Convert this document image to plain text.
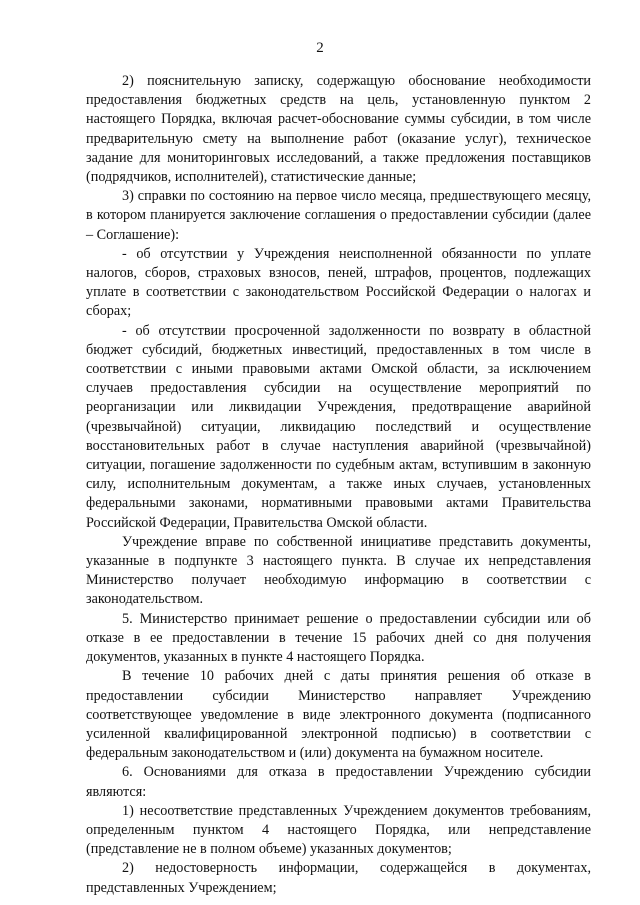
2

2) пояснительную записку, содержащую обоснование необходимости предоставления бюджетных средств на цель, установленную пунктом 2 настоящего Порядка, включая расчет-обоснование суммы субсидии, в том числе предварительную смету на выполнение работ (оказание услуг), техническое задание для мониторинговых исследований, а также предложения поставщиков (подрядчиков, исполнителей), статистические данные;

3) справки по состоянию на первое число месяца, предшествующего месяцу, в котором планируется заключение соглашения о предоставлении субсидии (далее – Соглашение):

- об отсутствии у Учреждения неисполненной обязанности по уплате налогов, сборов, страховых взносов, пеней, штрафов, процентов, подлежащих уплате в соответствии с законодательством Российской Федерации о налогах и сборах;

- об отсутствии просроченной задолженности по возврату в областной бюджет субсидий, бюджетных инвестиций, предоставленных в том числе в соответствии с иными правовыми актами Омской области, за исключением случаев предоставления субсидии на осуществление мероприятий по реорганизации или ликвидации Учреждения, предотвращение аварийной (чрезвычайной) ситуации, ликвидацию последствий и осуществление восстановительных работ в случае наступления аварийной (чрезвычайной) ситуации, погашение задолженности по судебным актам, вступившим в законную силу, исполнительным документам, а также иных случаев, установленных федеральными законами, нормативными правовыми актами Правительства Российской Федерации, Правительства Омской области.

Учреждение вправе по собственной инициативе представить документы, указанные в подпункте 3 настоящего пункта. В случае их непредставления Министерство получает необходимую информацию в соответствии с законодательством.

5. Министерство принимает решение о предоставлении субсидии или об отказе в ее предоставлении в течение 15 рабочих дней со дня получения документов, указанных в пункте 4 настоящего Порядка.

В течение 10 рабочих дней с даты принятия решения об отказе в предоставлении субсидии Министерство направляет Учреждению соответствующее уведомление в виде электронного документа (подписанного усиленной квалифицированной электронной подписью) в соответствии с федеральным законодательством и (или) документа на бумажном носителе.

6. Основаниями для отказа в предоставлении Учреждению субсидии являются:

1) несоответствие представленных Учреждением документов требованиям, определенным пунктом 4 настоящего Порядка, или непредставление (представление не в полном объеме) указанных документов;

2) недостоверность информации, содержащейся в документах, представленных Учреждением;
